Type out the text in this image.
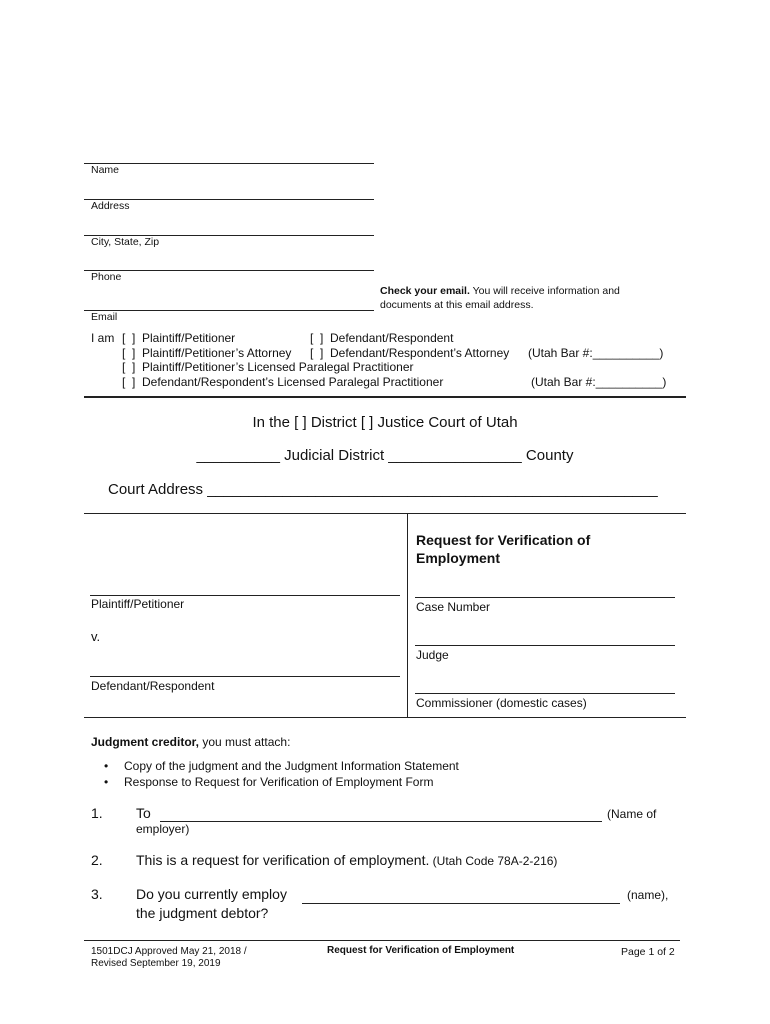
Name
Address
City, State, Zip
Phone
Email
Check your email. You will receive information and
documents at this email address.
I am [  ]  Plaintiff/Petitioner	[  ]  Defendant/Respondent
[  ]  Plaintiff/Petitioner’s Attorney [  ]  Defendant/Respondent’s Attorney (Utah Bar #:__________)
[  ]  Plaintiff/Petitioner’s Licensed Paralegal Practitioner
[  ]  Defendant/Respondent’s Licensed Paralegal Practitioner	(Utah Bar #:__________)
In the [ ] District [ ] Justice Court of Utah
__________ Judicial District ________________ County
Court Address ______________________________________________________
Request for Verification of
Employment
Plaintiff/Petitioner
v.
Defendant/Respondent
Case Number
Judge
Commissioner (domestic cases)
Judgment creditor, you must attach:
• Copy of the judgment and the Judgment Information Statement
• Response to Request for Verification of Employment Form
1. To	(Name of
employer)
2. This is a request for verification of employment. (Utah Code 78A-2-216)
3. Do you currently employ	(name),
the judgment debtor?
1501DCJ Approved May 21, 2018 /
Revised September 19, 2019
Request for Verification of Employment	Page 1 of 2
